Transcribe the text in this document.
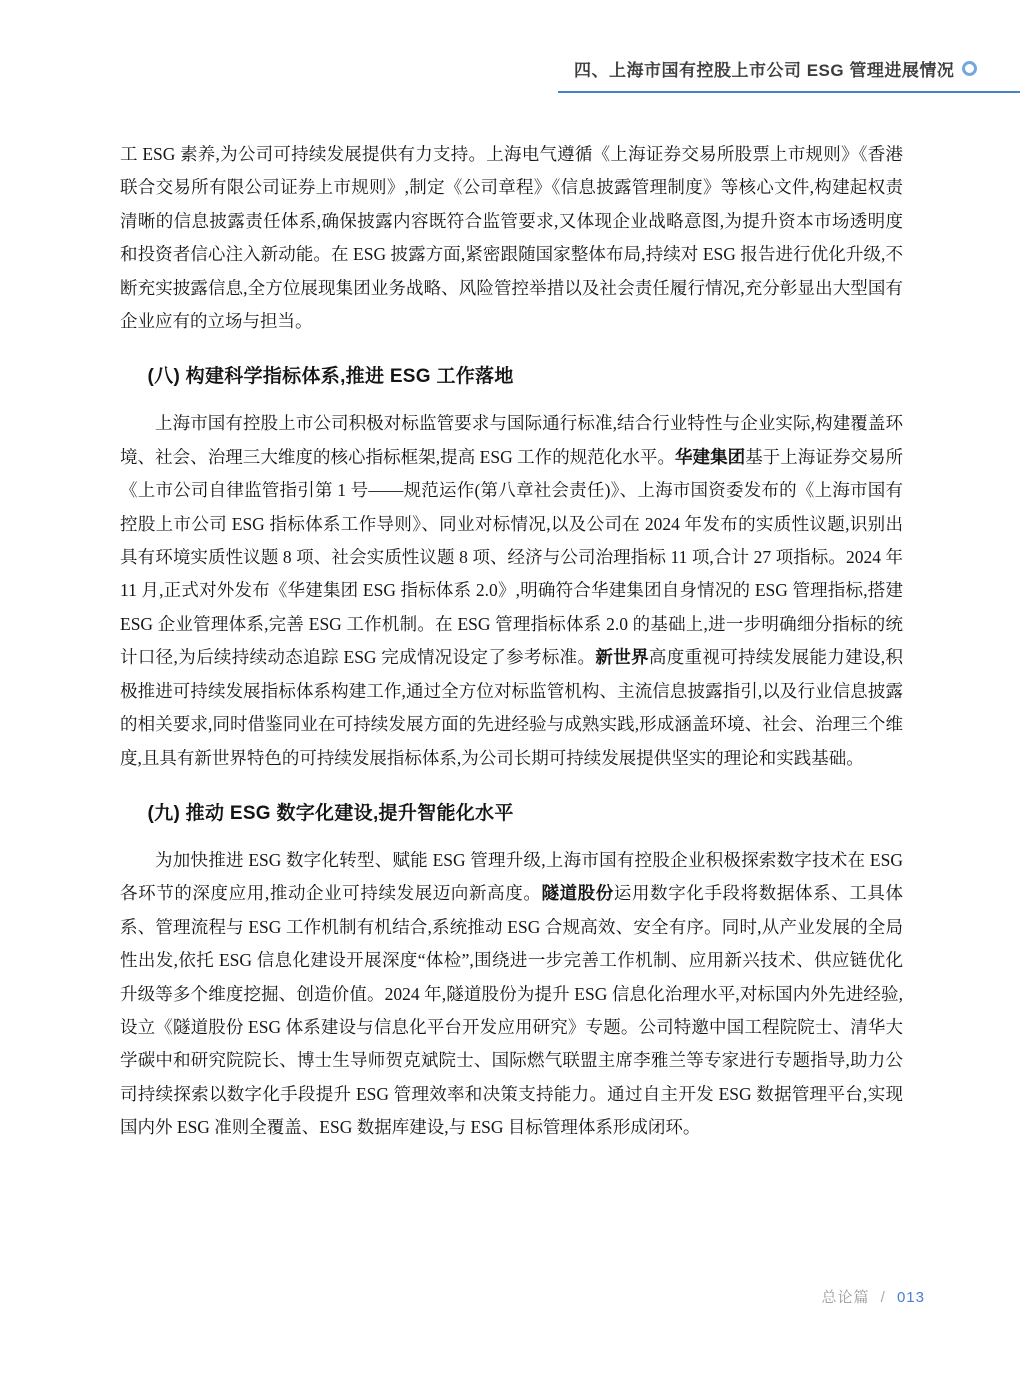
四、上海市国有控股上市公司 ESG 管理进展情况

工 ESG 素养,为公司可持续发展提供有力支持。上海电气遵循《上海证券交易所股票上市规则》《香港联合交易所有限公司证券上市规则》,制定《公司章程》《信息披露管理制度》等核心文件,构建起权责清晰的信息披露责任体系,确保披露内容既符合监管要求,又体现企业战略意图,为提升资本市场透明度和投资者信心注入新动能。在 ESG 披露方面,紧密跟随国家整体布局,持续对 ESG 报告进行优化升级,不断充实披露信息,全方位展现集团业务战略、风险管控举措以及社会责任履行情况,充分彰显出大型国有企业应有的立场与担当。

(八) 构建科学指标体系,推进 ESG 工作落地

上海市国有控股上市公司积极对标监管要求与国际通行标准,结合行业特性与企业实际,构建覆盖环境、社会、治理三大维度的核心指标框架,提高 ESG 工作的规范化水平。华建集团基于上海证券交易所《上市公司自律监管指引第 1 号——规范运作(第八章社会责任)》、上海市国资委发布的《上海市国有控股上市公司 ESG 指标体系工作导则》、同业对标情况,以及公司在 2024 年发布的实质性议题,识别出具有环境实质性议题 8 项、社会实质性议题 8 项、经济与公司治理指标 11 项,合计 27 项指标。2024 年 11 月,正式对外发布《华建集团 ESG 指标体系 2.0》,明确符合华建集团自身情况的 ESG 管理指标,搭建 ESG 企业管理体系,完善 ESG 工作机制。在 ESG 管理指标体系 2.0 的基础上,进一步明确细分指标的统计口径,为后续持续动态追踪 ESG 完成情况设定了参考标准。新世界高度重视可持续发展能力建设,积极推进可持续发展指标体系构建工作,通过全方位对标监管机构、主流信息披露指引,以及行业信息披露的相关要求,同时借鉴同业在可持续发展方面的先进经验与成熟实践,形成涵盖环境、社会、治理三个维度,且具有新世界特色的可持续发展指标体系,为公司长期可持续发展提供坚实的理论和实践基础。

(九) 推动 ESG 数字化建设,提升智能化水平

为加快推进 ESG 数字化转型、赋能 ESG 管理升级,上海市国有控股企业积极探索数字技术在 ESG 各环节的深度应用,推动企业可持续发展迈向新高度。隧道股份运用数字化手段将数据体系、工具体系、管理流程与 ESG 工作机制有机结合,系统推动 ESG 合规高效、安全有序。同时,从产业发展的全局性出发,依托 ESG 信息化建设开展深度“体检”,围绕进一步完善工作机制、应用新兴技术、供应链优化升级等多个维度挖掘、创造价值。2024 年,隧道股份为提升 ESG 信息化治理水平,对标国内外先进经验,设立《隧道股份 ESG 体系建设与信息化平台开发应用研究》专题。公司特邀中国工程院院士、清华大学碳中和研究院院长、博士生导师贺克斌院士、国际燃气联盟主席李雅兰等专家进行专题指导,助力公司持续探索以数字化手段提升 ESG 管理效率和决策支持能力。通过自主开发 ESG 数据管理平台,实现国内外 ESG 准则全覆盖、ESG 数据库建设,与 ESG 目标管理体系形成闭环。

总论篇 / 013
